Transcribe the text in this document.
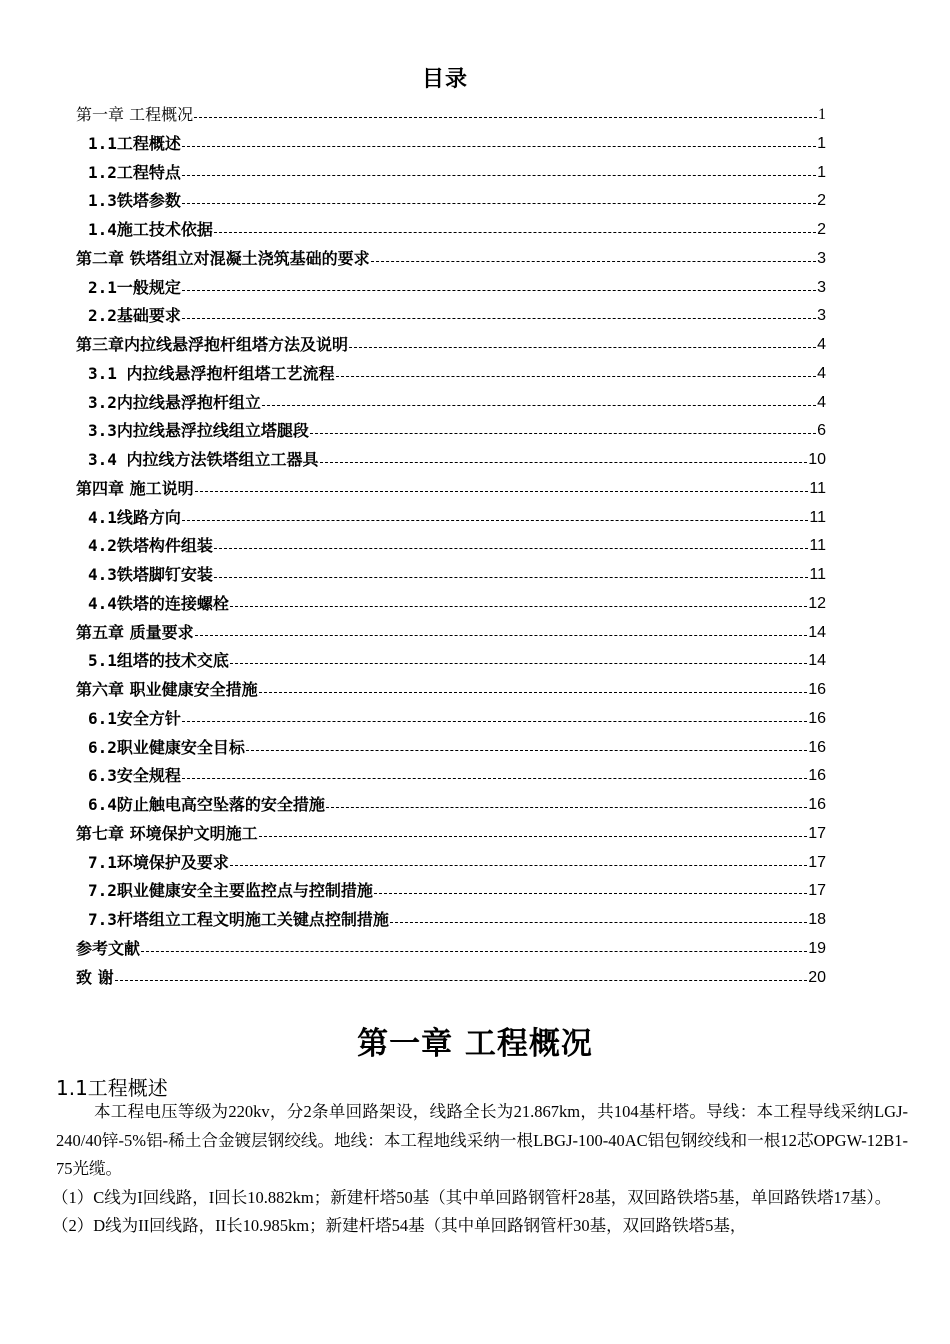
目录
第一章 工程概况	1
1.1工程概述	1
1.2工程特点	1
1.3铁塔参数	2
1.4施工技术依据	2
第二章 铁塔组立对混凝土浇筑基础的要求	3
2.1一般规定	3
2.2基础要求	3
第三章内拉线悬浮抱杆组塔方法及说明	4
3.1 内拉线悬浮抱杆组塔工艺流程	4
3.2内拉线悬浮抱杆组立	4
3.3内拉线悬浮拉线组立塔腿段	6
3.4 内拉线方法铁塔组立工器具	10
第四章 施工说明	11
4.1线路方向	11
4.2铁塔构件组装	11
4.3铁塔脚钉安装	11
4.4铁塔的连接螺栓	12
第五章 质量要求	14
5.1组塔的技术交底	14
第六章 职业健康安全措施	16
6.1安全方针	16
6.2职业健康安全目标	16
6.3安全规程	16
6.4防止触电高空坠落的安全措施	16
第七章 环境保护文明施工	17
7.1环境保护及要求	17
7.2职业健康安全主要监控点与控制措施	17
7.3杆塔组立工程文明施工关键点控制措施	18
参考文献	19
致 谢	20
第一章 工程概况
1.1工程概述

本工程电压等级为220kv，分2条单回路架设，线路全长为21.867km，共104基杆塔。导线：本工程导线采纳LGJ-240/40锌-5%铝-稀土合金镀层钢绞线。地线：本工程地线采纳一根LBGJ-100-40AC铝包钢绞线和一根12芯OPGW-12B1-75光缆。

（1）C线为I回线路，I回长10.882km；新建杆塔50基（其中单回路钢管杆28基，双回路铁塔5基，单回路铁塔17基）。

（2）D线为II回线路，II长10.985km；新建杆塔54基（其中单回路钢管杆30基，双回路铁塔5基，
